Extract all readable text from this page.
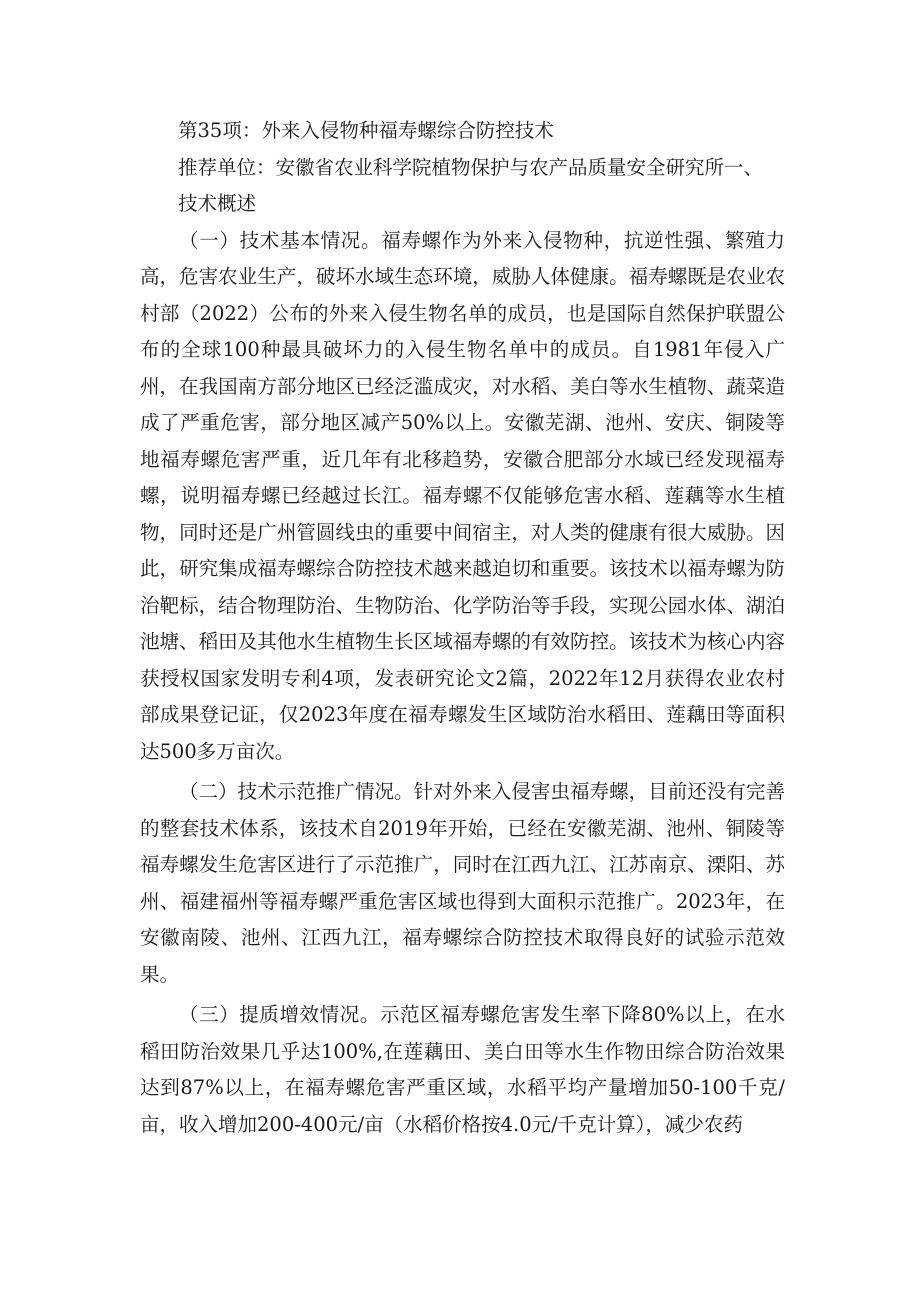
第35项：外来入侵物种福寿螺综合防控技术
推荐单位：安徽省农业科学院植物保护与农产品质量安全研究所一、
技术概述

（一）技术基本情况。福寿螺作为外来入侵物种，抗逆性强、繁殖力高，危害农业生产，破坏水域生态环境，威胁人体健康。福寿螺既是农业农村部（2022）公布的外来入侵生物名单的成员，也是国际自然保护联盟公布的全球100种最具破坏力的入侵生物名单中的成员。自1981年侵入广州，在我国南方部分地区已经泛滥成灾，对水稻、美白等水生植物、蔬菜造成了严重危害，部分地区减产50%以上。安徽芜湖、池州、安庆、铜陵等地福寿螺危害严重，近几年有北移趋势，安徽合肥部分水域已经发现福寿螺，说明福寿螺已经越过长江。福寿螺不仅能够危害水稻、莲藕等水生植物，同时还是广州管圆线虫的重要中间宿主，对人类的健康有很大威胁。因此，研究集成福寿螺综合防控技术越来越迫切和重要。该技术以福寿螺为防治靶标，结合物理防治、生物防治、化学防治等手段，实现公园水体、湖泊池塘、稻田及其他水生植物生长区域福寿螺的有效防控。该技术为核心内容获授权国家发明专利4项，发表研究论文2篇，2022年12月获得农业农村部成果登记证，仅2023年度在福寿螺发生区域防治水稻田、莲藕田等面积达500多万亩次。

（二）技术示范推广情况。针对外来入侵害虫福寿螺，目前还没有完善的整套技术体系，该技术自2019年开始，已经在安徽芜湖、池州、铜陵等福寿螺发生危害区进行了示范推广，同时在江西九江、江苏南京、溧阳、苏州、福建福州等福寿螺严重危害区域也得到大面积示范推广。2023年，在安徽南陵、池州、江西九江，福寿螺综合防控技术取得良好的试验示范效果。

（三）提质增效情况。示范区福寿螺危害发生率下降80%以上，在水稻田防治效果几乎达100%,在莲藕田、美白田等水生作物田综合防治效果达到87%以上，在福寿螺危害严重区域，水稻平均产量增加50-100千克/亩，收入增加200-400元/亩（水稻价格按4.0元/千克计算），减少农药
